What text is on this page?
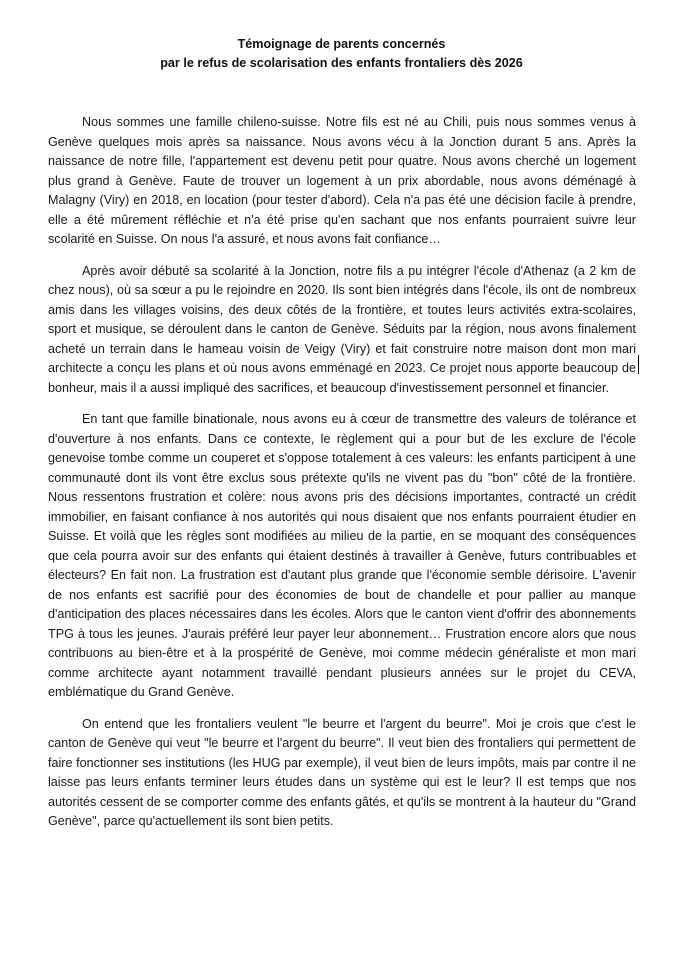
Témoignage de parents concernés
par le refus de scolarisation des enfants frontaliers dès 2026

Nous sommes une famille chileno-suisse. Notre fils est né au Chili, puis nous sommes venus à Genève quelques mois après sa naissance. Nous avons vécu à la Jonction durant 5 ans. Après la naissance de notre fille, l'appartement est devenu petit pour quatre. Nous avons cherché un logement plus grand à Genève. Faute de trouver un logement à un prix abordable, nous avons déménagé à Malagny (Viry) en 2018, en location (pour tester d'abord). Cela n'a pas été une décision facile à prendre, elle a été mûrement réfléchie et n'a été prise qu'en sachant que nos enfants pourraient suivre leur scolarité en Suisse. On nous l'a assuré, et nous avons fait confiance…

Après avoir débuté sa scolarité à la Jonction, notre fils a pu intégrer l'école d'Athenaz (a 2 km de chez nous), où sa sœur a pu le rejoindre en 2020. Ils sont bien intégrés dans l'école, ils ont de nombreux amis dans les villages voisins, des deux côtés de la frontière, et toutes leurs activités extra-scolaires, sport et musique, se déroulent dans le canton de Genève. Séduits par la région, nous avons finalement acheté un terrain dans le hameau voisin de Veigy (Viry) et fait construire notre maison dont mon mari architecte a conçu les plans et où nous avons emménagé en 2023. Ce projet nous apporte beaucoup de bonheur, mais il a aussi impliqué des sacrifices, et beaucoup d'investissement personnel et financier.

En tant que famille binationale, nous avons eu à cœur de transmettre des valeurs de tolérance et d'ouverture à nos enfants. Dans ce contexte, le règlement qui a pour but de les exclure de l'école genevoise tombe comme un couperet et s'oppose totalement à ces valeurs: les enfants participent à une communauté dont ils vont être exclus sous prétexte qu'ils ne vivent pas du "bon" côté de la frontière. Nous ressentons frustration et colère: nous avons pris des décisions importantes, contracté un crédit immobilier, en faisant confiance à nos autorités qui nous disaient que nos enfants pourraient étudier en Suisse. Et voilà que les règles sont modifiées au milieu de la partie, en se moquant des conséquences que cela pourra avoir sur des enfants qui étaient destinés à travailler à Genève, futurs contribuables et électeurs? En fait non. La frustration est d'autant plus grande que l'économie semble dérisoire. L'avenir de nos enfants est sacrifié pour des économies de bout de chandelle et pour pallier au manque d'anticipation des places nécessaires dans les écoles. Alors que le canton vient d'offrir des abonnements TPG à tous les jeunes. J'aurais préféré leur payer leur abonnement… Frustration encore alors que nous contribuons au bien-être et à la prospérité de Genève, moi comme médecin généraliste et mon mari comme architecte ayant notamment travaillé pendant plusieurs années sur le projet du CEVA, emblématique du Grand Genève.

On entend que les frontaliers veulent "le beurre et l'argent du beurre". Moi je crois que c'est le canton de Genève qui veut "le beurre et l'argent du beurre". Il veut bien des frontaliers qui permettent de faire fonctionner ses institutions (les HUG par exemple), il veut bien de leurs impôts, mais par contre il ne laisse pas leurs enfants terminer leurs études dans un système qui est le leur? Il est temps que nos autorités cessent de se comporter comme des enfants gâtés, et qu'ils se montrent à la hauteur du "Grand Genève", parce qu'actuellement ils sont bien petits.
